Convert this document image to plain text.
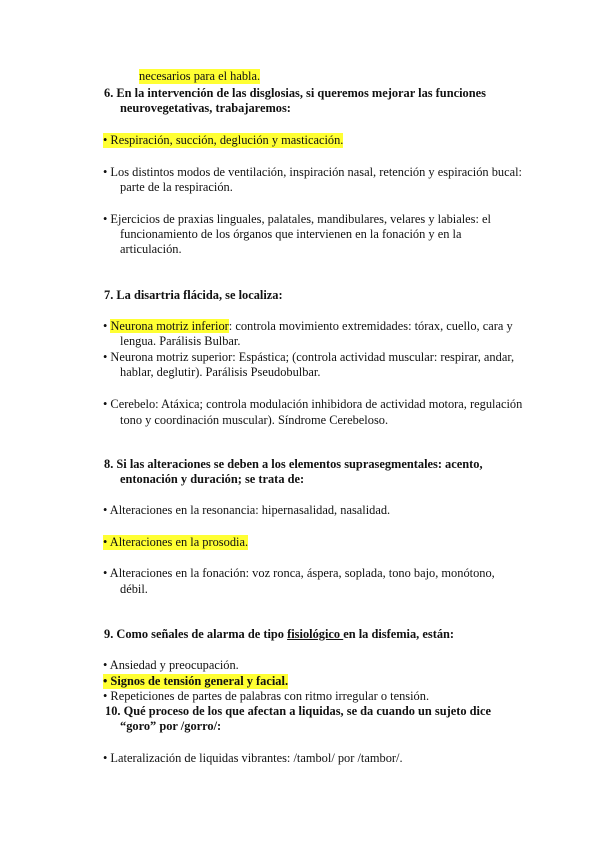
necesarios para el habla.
6. En la intervención de las disglosias, si queremos mejorar las funciones
neurovegetativas, trabajaremos:
• Respiración, succión, deglución y masticación.
• Los distintos modos de ventilación, inspiración nasal, retención y espiración bucal:
parte de la respiración.
• Ejercicios de praxias linguales, palatales, mandibulares, velares y labiales: el
funcionamiento de los órganos que intervienen en la fonación y en la
articulación.
7. La disartria flácida, se localiza:
• Neurona motriz inferior: controla movimiento extremidades: tórax, cuello, cara y
lengua. Parálisis Bulbar.
• Neurona motriz superior: Espástica; (controla actividad muscular: respirar, andar,
hablar, deglutir). Parálisis Pseudobulbar.
• Cerebelo: Atáxica; controla modulación inhibidora de actividad motora, regulación
tono y coordinación muscular). Síndrome Cerebeloso.
8. Si las alteraciones se deben a los elementos suprasegmentales: acento,
entonación y duración; se trata de:
• Alteraciones en la resonancia: hipernasalidad, nasalidad.
• Alteraciones en la prosodia.
• Alteraciones en la fonación: voz ronca, áspera, soplada, tono bajo, monótono,
débil.
9. Como señales de alarma de tipo fisiológico en la disfemia, están:
• Ansiedad y preocupación.
• Signos de tensión general y facial.
• Repeticiones de partes de palabras con ritmo irregular o tensión.
10. Qué proceso de los que afectan a liquidas, se da cuando un sujeto dice
“goro” por /gorro/:
• Lateralización de liquidas vibrantes: /tambol/ por /tambor/.
